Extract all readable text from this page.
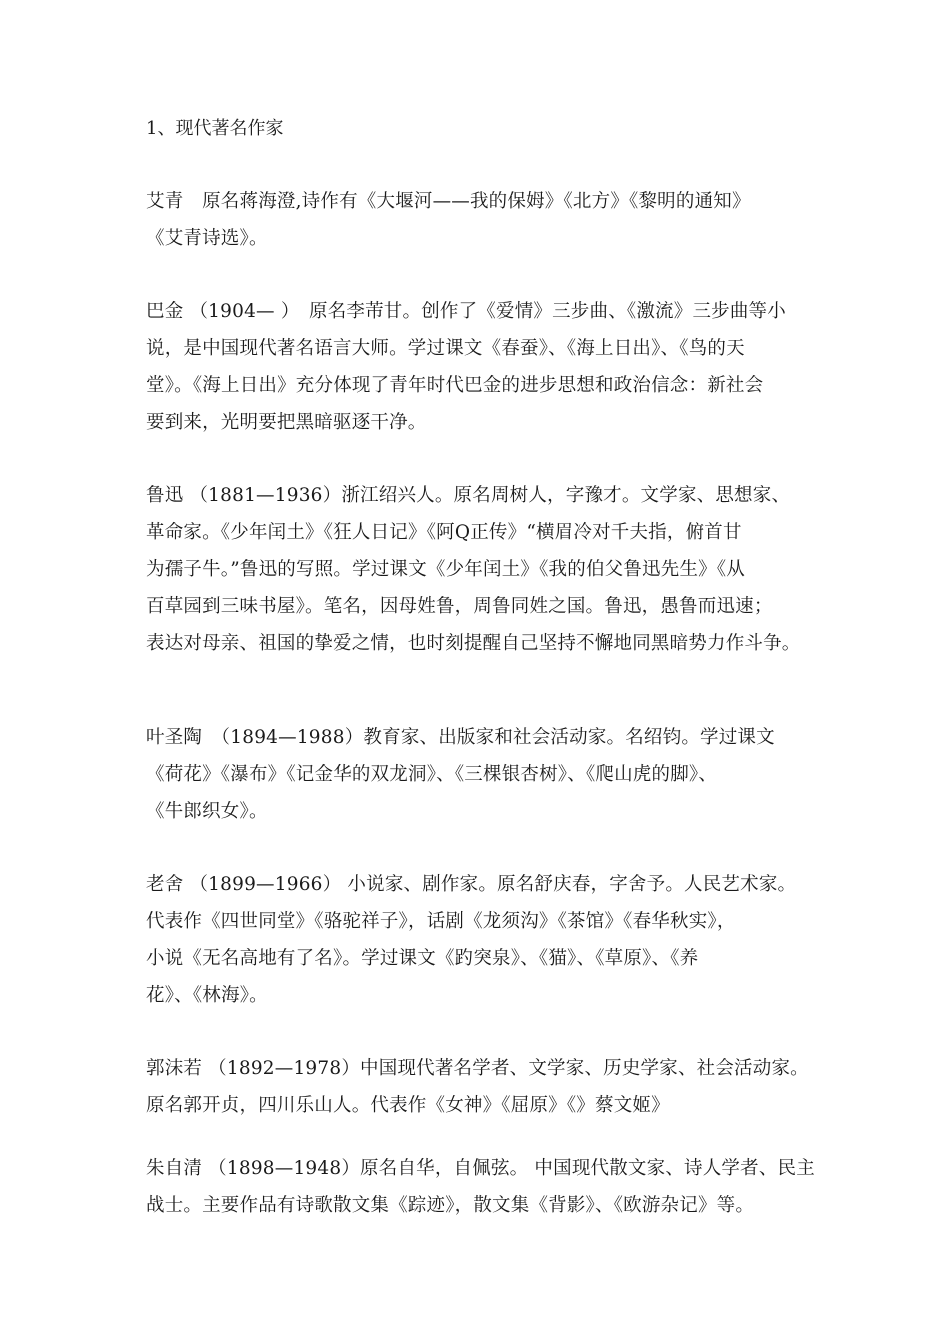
1、现代著名作家
艾青　原名蒋海澄,诗作有《大堰河——我的保姆》《北方》《黎明的通知》
《艾青诗选》。
巴金 （1904— ）　原名李芾甘。创作了《爱情》三步曲、《激流》三步曲等小
说，是中国现代著名语言大师。学过课文《春蚕》、《海上日出》、《鸟的天
堂》。《海上日出》充分体现了青年时代巴金的进步思想和政治信念：新社会
要到来，光明要把黑暗驱逐干净。
鲁迅 （1881—1936）浙江绍兴人。原名周树人，字豫才。文学家、思想家、
革命家。《少年闰土》《狂人日记》《阿Q正传》“横眉冷对千夫指，俯首甘
为孺子牛。”鲁迅的写照。学过课文《少年闰土》《我的伯父鲁迅先生》《从
百草园到三味书屋》。笔名，因母姓鲁，周鲁同姓之国。鲁迅，愚鲁而迅速；
表达对母亲、祖国的挚爱之情，也时刻提醒自己坚持不懈地同黑暗势力作斗争。
叶圣陶　（1894—1988）教育家、出版家和社会活动家。名绍钧。学过课文
《荷花》《瀑布》《记金华的双龙洞》、《三棵银杏树》、《爬山虎的脚》、
《牛郎织女》。
老舍 （1899—1966） 小说家、剧作家。原名舒庆春，字舍予。人民艺术家。
代表作《四世同堂》《骆驼祥子》，话剧《龙须沟》《茶馆》《春华秋实》，
小说《无名高地有了名》。学过课文《趵突泉》、《猫》、《草原》、《养
花》、《林海》。
郭沫若 （1892—1978）中国现代著名学者、文学家、历史学家、社会活动家。
原名郭开贞，四川乐山人。代表作《女神》《屈原》《》蔡文姬》
朱自清 （1898—1948）原名自华，自佩弦。 中国现代散文家、诗人学者、民主
战士。主要作品有诗歌散文集《踪迹》，散文集《背影》、《欧游杂记》等。
